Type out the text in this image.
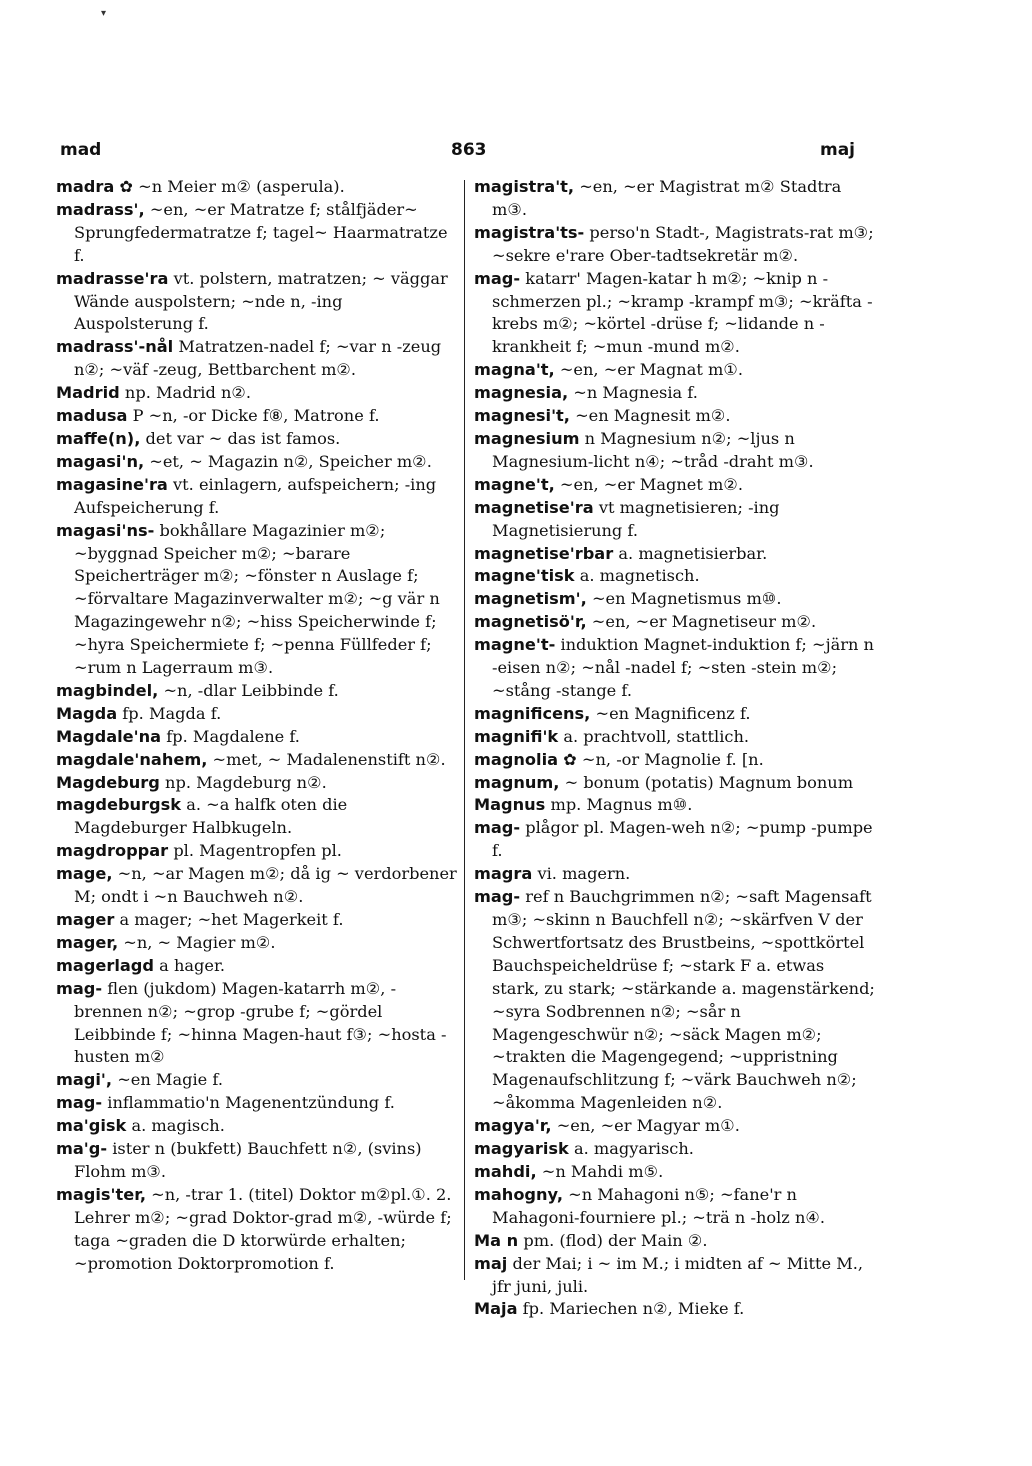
▾
mad	863	maj
madra ✿ ~n Meier m② (asperula).
madrass', ~en, ~er Matratze f; stålfjäder~ Sprungfedermatratze f; tagel~ Haarmatratze f.
madrasse'ra vt. polstern, matratzen; ~ väggar Wände auspolstern; ~nde n, -ing Auspolsterung f.
madrass'-nål Matratzen-nadel f; ~var n -zeug n②; ~väf -zeug, Bettbarchent m②.
Madrid np. Madrid n②.
madusa P ~n, -or Dicke f⑧, Matrone f.
maffe(n), det var ~ das ist famos.
magasi'n, ~et, ~ Magazin n②, Speicher m②.
magasine'ra vt. einlagern, aufspeichern; -ing Aufspeicherung f.
magasi'ns- bokhållare Magazinier m②; ~byggnad Speicher m②; ~barare Speicherträger m②; ~fönster n Auslage f; ~förvaltare Magazinverwalter m②; ~g vär n Magazingewehr n②; ~hiss Speicherwinde f; ~hyra Speichermiete f; ~penna Füllfeder f; ~rum n Lagerraum m③.
magbindel, ~n, -dlar Leibbinde f.
Magda fp. Magda f.
Magdale'na fp. Magdalene f.
magdale'nahem, ~met, ~ Madalenenstift n②.
Magdeburg np. Magdeburg n②.
magdeburgsk a. ~a halfk oten die Magdeburger Halbkugeln.
magdroppar pl. Magentropfen pl.
mage, ~n, ~ar Magen m②; då ig ~ verdorbener M; ondt i ~n Bauchweh n②.
mager a mager; ~het Magerkeit f.
mager, ~n, ~ Magier m②.
magerlagd a hager.
mag- flen (jukdom) Magen-katarrh m②, -brennen n②; ~grop -grube f; ~gördel Leibbinde f; ~hinna Magen-haut f③; ~hosta -husten m②
magi', ~en Magie f.
mag- inflammatio'n Magenentzündung f.
ma'gisk a. magisch.
ma'g- ister n (bukfett) Bauchfett n②, (svins) Flohm m③.
magis'ter, ~n, -trar 1. (titel) Doktor m②pl.①. 2. Lehrer m②; ~grad Doktor-grad m②, -würde f; taga ~graden die D ktorwürde erhalten; ~promotion Doktorpromotion f.
magistra't, ~en, ~er Magistrat m② Stadtra m③.
magistra'ts- perso'n Stadt-, Magistrats-rat m③; ~sekre e'rare Ober-tadtsekretär m②.
mag- katarr' Magen-katar h m②; ~knip n -schmerzen pl.; ~kramp -krampf m③; ~kräfta -krebs m②; ~körtel -drüse f; ~lidande n -krankheit f; ~mun -mund m②.
magna't, ~en, ~er Magnat m①.
magnesia, ~n Magnesia f.
magnesi't, ~en Magnesit m②.
magnesium n Magnesium n②; ~ljus n Magnesium-licht n④; ~tråd -draht m③.
magne't, ~en, ~er Magnet m②.
magnetise'ra vt magnetisieren; -ing Magnetisierung f.
magnetise'rbar a. magnetisierbar.
magne'tisk a. magnetisch.
magnetism', ~en Magnetismus m⑩.
magnetisö'r, ~en, ~er Magnetiseur m②.
magne't- induktion Magnet-induktion f; ~järn n -eisen n②; ~nål -nadel f; ~sten -stein m②; ~stång -stange f.
magnificens, ~en Magnificenz f.
magnifi'k a. prachtvoll, stattlich.
magnolia ✿ ~n, -or Magnolie f. [n.
magnum, ~ bonum (potatis) Magnum bonum
Magnus mp. Magnus m⑩.
mag- plågor pl. Magen-weh n②; ~pump -pumpe f.
magra vi. magern.
mag- ref n Bauchgrimmen n②; ~saft Magensaft m③; ~skinn n Bauchfell n②; ~skärfven V der Schwertfortsatz des Brustbeins, ~spottkörtel Bauchspeicheldrüse f; ~stark F a. etwas stark, zu stark; ~stärkande a. magenstärkend; ~syra Sodbrennen n②; ~sår n Magengeschwür n②; ~säck Magen m②; ~trakten die Magengegend; ~uppristning Magenaufschlitzung f; ~värk Bauchweh n②; ~åkomma Magenleiden n②.
magya'r, ~en, ~er Magyar m①.
magyarisk a. magyarisch.
mahdi, ~n Mahdi m⑤.
mahogny, ~n Mahagoni n⑤; ~fane'r n Mahagoni-fourniere pl.; ~trä n -holz n④.
Ma n pm. (flod) der Main ②.
maj der Mai; i ~ im M.; i midten af ~ Mitte M., jfr juni, juli.
Maja fp. Mariechen n②, Mieke f.
